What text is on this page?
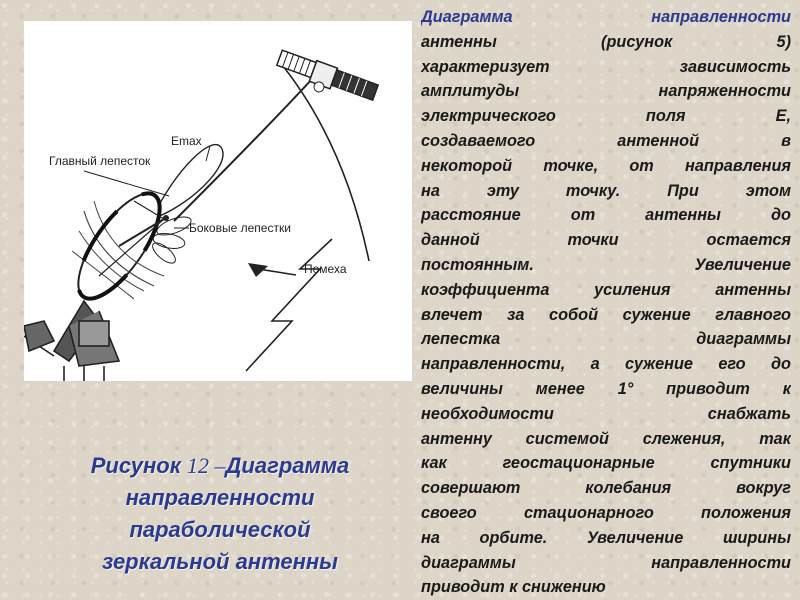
Emax
Главный лепесток
Боковые лепестки
Помеха
Рисунок 12 –Диаграмма
направленности
параболической
зеркальной антенны
Диаграмма направленности
антенны (рисунок 5)
характеризует зависимость
амплитуды напряженности
электрического поля Е,
создаваемого антенной в
некоторой точке, от направления
на эту точку. При этом
расстояние от антенны до
данной точки остается
постоянным. Увеличение
коэффициента усиления антенны
влечет за собой сужение главного
лепестка диаграммы
направленности, а сужение его до
величины менее 1° приводит к
необходимости снабжать
антенну системой слежения, так
как геостационарные спутники
совершают колебания вокруг
своего стационарного положения
на орбите. Увеличение ширины
диаграммы направленности
приводит к снижению
